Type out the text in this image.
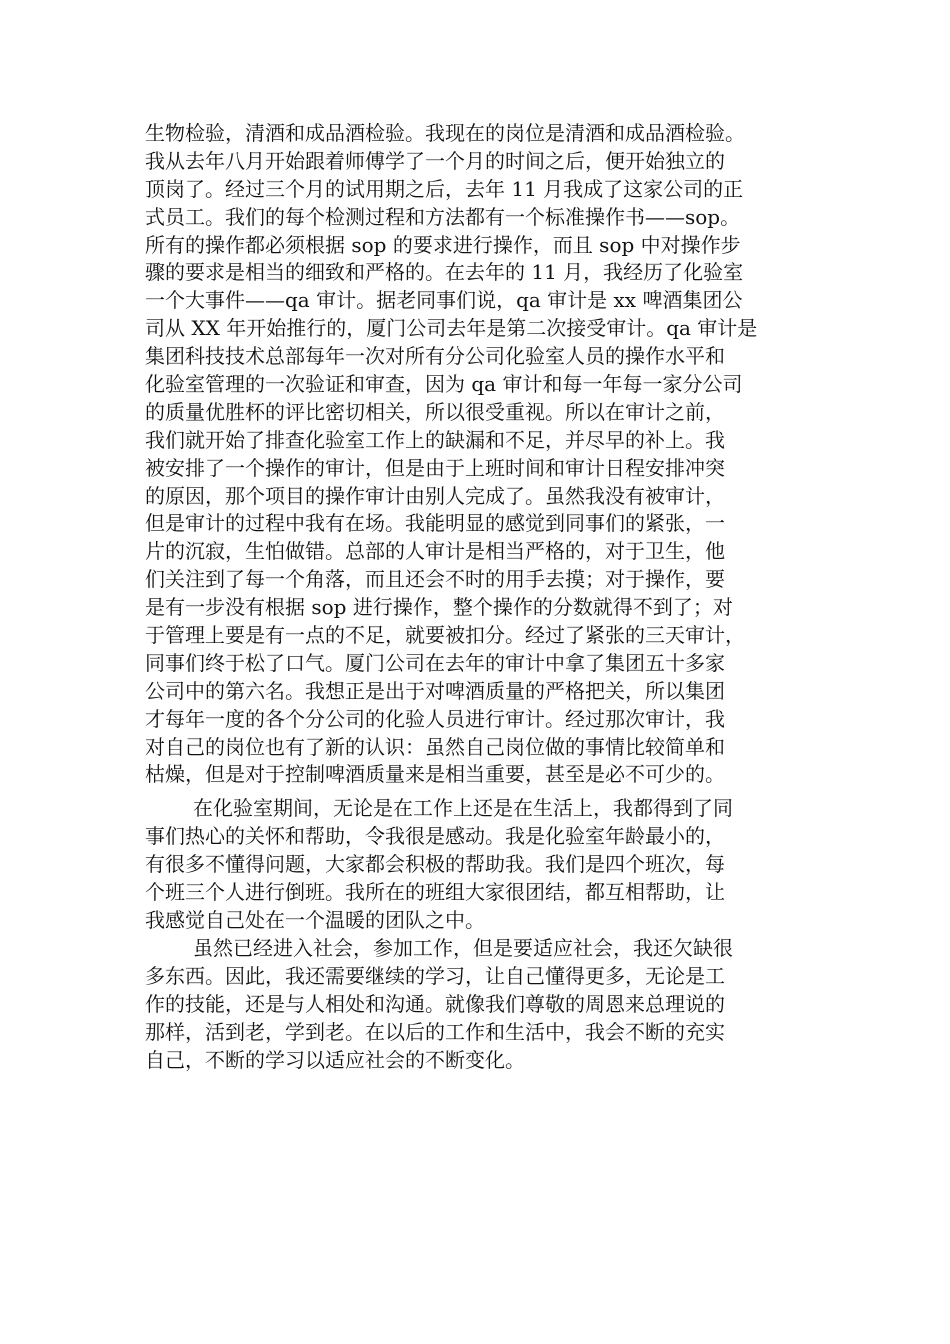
生物检验，清酒和成品酒检验。我现在的岗位是清酒和成品酒检验。
我从去年八月开始跟着师傅学了一个月的时间之后，便开始独立的
顶岗了。经过三个月的试用期之后，去年 11 月我成了这家公司的正
式员工。我们的每个检测过程和方法都有一个标准操作书——sop。
所有的操作都必须根据 sop 的要求进行操作，而且 sop 中对操作步
骤的要求是相当的细致和严格的。在去年的 11 月，我经历了化验室
一个大事件——qa 审计。据老同事们说，qa 审计是 xx 啤酒集团公
司从 XX 年开始推行的，厦门公司去年是第二次接受审计。qa 审计是
集团科技技术总部每年一次对所有分公司化验室人员的操作水平和
化验室管理的一次验证和审查，因为 qa 审计和每一年每一家分公司
的质量优胜杯的评比密切相关，所以很受重视。所以在审计之前，
我们就开始了排查化验室工作上的缺漏和不足，并尽早的补上。我
被安排了一个操作的审计，但是由于上班时间和审计日程安排冲突
的原因，那个项目的操作审计由别人完成了。虽然我没有被审计，
但是审计的过程中我有在场。我能明显的感觉到同事们的紧张，一
片的沉寂，生怕做错。总部的人审计是相当严格的，对于卫生，他
们关注到了每一个角落，而且还会不时的用手去摸；对于操作，要
是有一步没有根据 sop 进行操作，整个操作的分数就得不到了；对
于管理上要是有一点的不足，就要被扣分。经过了紧张的三天审计，
同事们终于松了口气。厦门公司在去年的审计中拿了集团五十多家
公司中的第六名。我想正是出于对啤酒质量的严格把关，所以集团
才每年一度的各个分公司的化验人员进行审计。经过那次审计，我
对自己的岗位也有了新的认识：虽然自己岗位做的事情比较简单和
枯燥，但是对于控制啤酒质量来是相当重要，甚至是必不可少的。
在化验室期间，无论是在工作上还是在生活上，我都得到了同
事们热心的关怀和帮助，令我很是感动。我是化验室年龄最小的，
有很多不懂得问题，大家都会积极的帮助我。我们是四个班次，每
个班三个人进行倒班。我所在的班组大家很团结，都互相帮助，让
我感觉自己处在一个温暖的团队之中。
虽然已经进入社会，参加工作，但是要适应社会，我还欠缺很
多东西。因此，我还需要继续的学习，让自己懂得更多，无论是工
作的技能，还是与人相处和沟通。就像我们尊敬的周恩来总理说的
那样，活到老，学到老。在以后的工作和生活中，我会不断的充实
自己，不断的学习以适应社会的不断变化。
